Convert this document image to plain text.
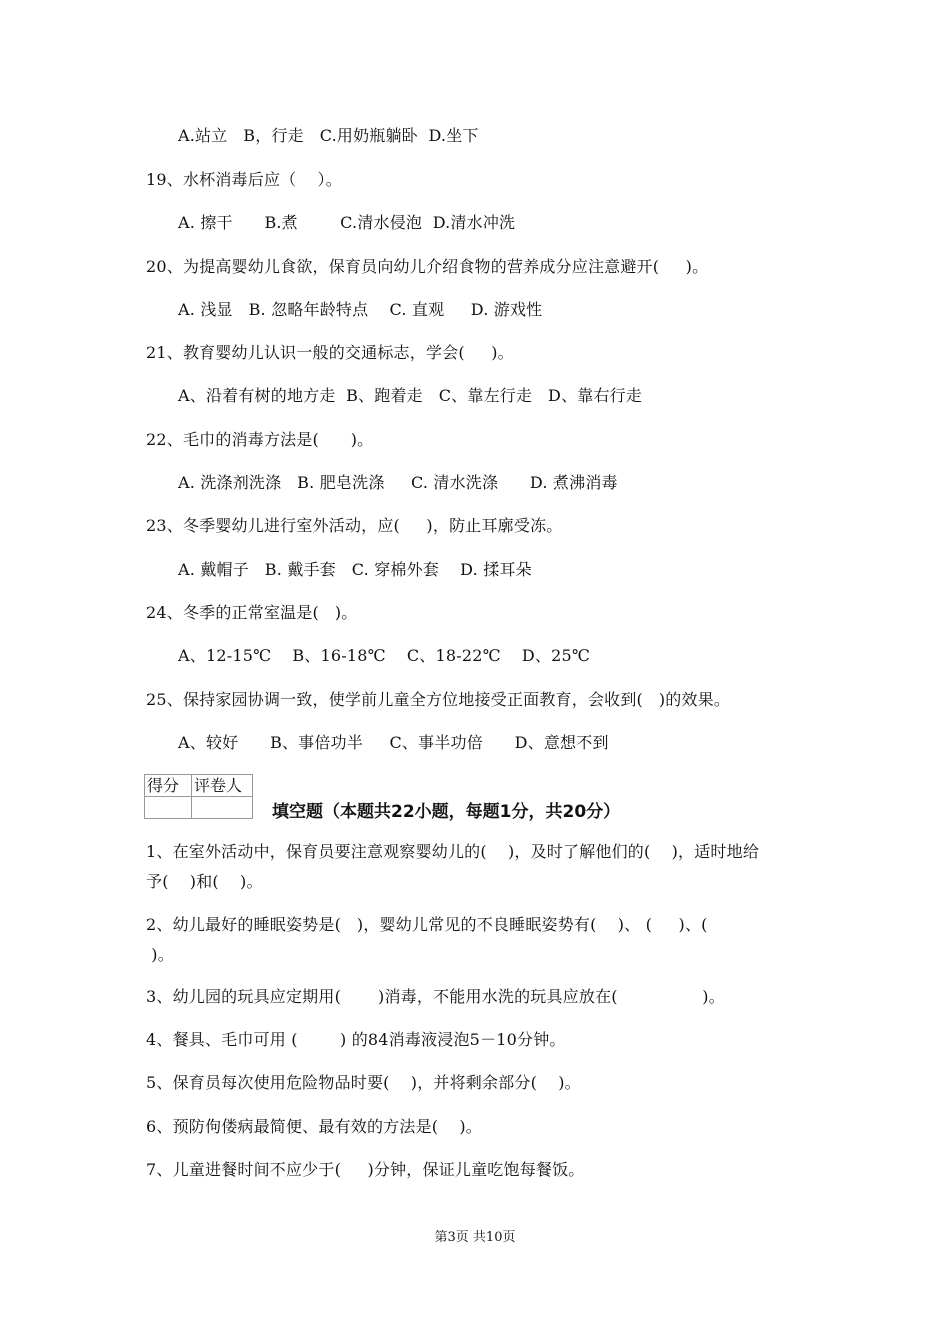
A.站立   B，行走   C.用奶瓶躺卧  D.坐下
19、水杯消毒后应（    ）。
A. 擦干      B.煮        C.清水侵泡  D.清水冲洗
20、为提高婴幼儿食欲，保育员向幼儿介绍食物的营养成分应注意避开(     )。
A. 浅显   B. 忽略年龄特点    C. 直观     D. 游戏性
21、教育婴幼儿认识一般的交通标志，学会(     )。
A、沿着有树的地方走  B、跑着走   C、靠左行走   D、靠右行走
22、毛巾的消毒方法是(      )。
A. 洗涤剂洗涤   B. 肥皂洗涤     C. 清水洗涤      D. 煮沸消毒
23、冬季婴幼儿进行室外活动，应(     )，防止耳廓受冻。
A. 戴帽子   B. 戴手套   C. 穿棉外套    D. 揉耳朵
24、冬季的正常室温是(   )。
A、12-15℃    B、16-18℃    C、18-22℃    D、25℃
25、保持家园协调一致，使学前儿童全方位地接受正面教育，会收到(   )的效果。
A、较好      B、事倍功半     C、事半功倍      D、意想不到
得分	评卷人

填空题（本题共22小题，每题1分，共20分）
1、在室外活动中，保育员要注意观察婴幼儿的(    )，及时了解他们的(    )，适时地给
予(    )和(    )。
2、幼儿最好的睡眠姿势是(   )，婴幼儿常见的不良睡眠姿势有(    )、 (     )、(
)。
3、幼儿园的玩具应定期用(       )消毒，不能用水洗的玩具应放在(                )。
4、餐具、毛巾可用 (        ) 的84消毒液浸泡5－10分钟。
5、保育员每次使用危险物品时要(    )，并将剩余部分(    )。
6、预防佝偻病最简便、最有效的方法是(    )。
7、儿童进餐时间不应少于(     )分钟，保证儿童吃饱每餐饭。
第3页 共10页
